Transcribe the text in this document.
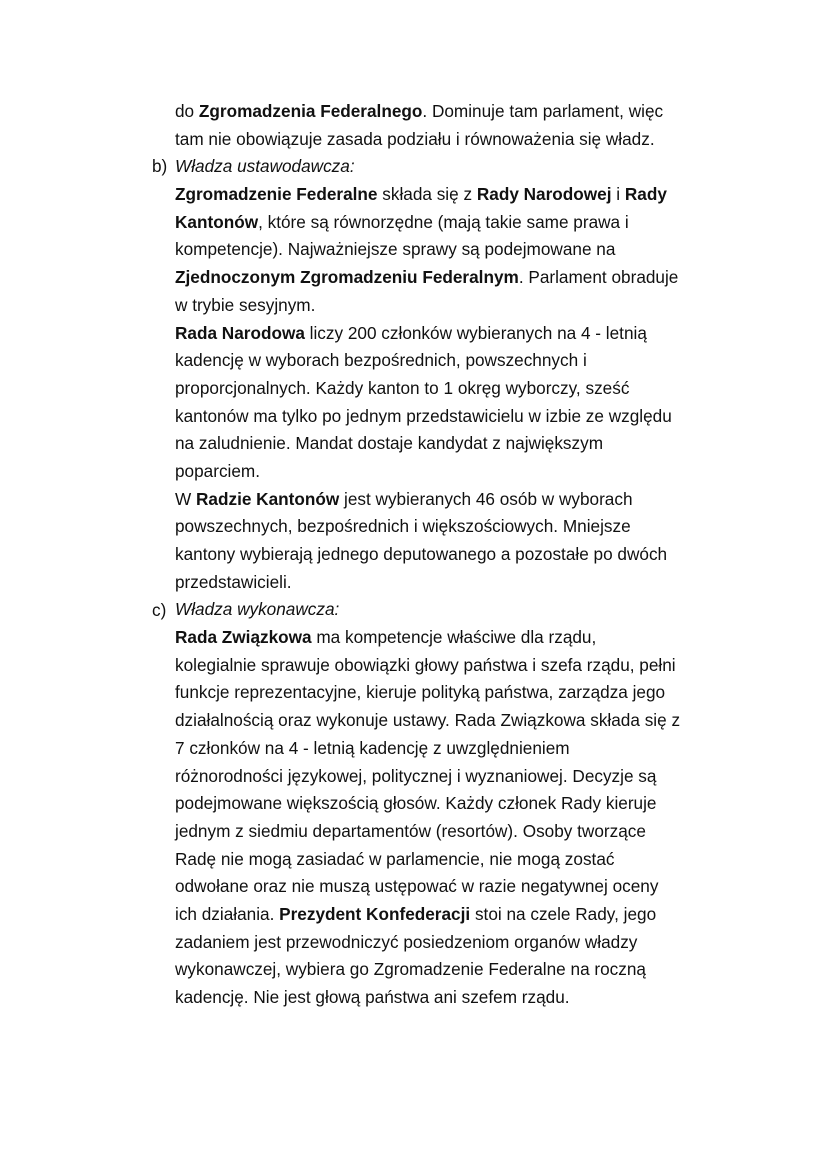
do Zgromadzenia Federalnego. Dominuje tam parlament, więc
tam nie obowiązuje zasada podziału i równoważenia się władz.
Władza ustawodawcza:
Zgromadzenie Federalne składa się z Rady Narodowej i Rady
Kantonów, które są równorzędne (mają takie same prawa i
kompetencje). Najważniejsze sprawy są podejmowane na
Zjednoczonym Zgromadzeniu Federalnym. Parlament obraduje
w trybie sesyjnym.
Rada Narodowa liczy 200 członków wybieranych na 4 - letnią
kadencję w wyborach bezpośrednich, powszechnych i
proporcjonalnych. Każdy kanton to 1 okręg wyborczy, sześć
kantonów ma tylko po jednym przedstawicielu w izbie ze względu
na zaludnienie. Mandat dostaje kandydat z największym
poparciem.
W Radzie Kantonów jest wybieranych 46 osób w wyborach
powszechnych, bezpośrednich i większościowych. Mniejsze
kantony wybierają jednego deputowanego a pozostałe po dwóch
przedstawicieli.
Władza wykonawcza:
Rada Związkowa ma kompetencje właściwe dla rządu,
kolegialnie sprawuje obowiązki głowy państwa i szefa rządu, pełni
funkcje reprezentacyjne, kieruje polityką państwa, zarządza jego
działalnością oraz wykonuje ustawy. Rada Związkowa składa się z
7 członków na 4 - letnią kadencję z uwzględnieniem
różnorodności językowej, politycznej i wyznaniowej. Decyzje są
podejmowane większością głosów. Każdy członek Rady kieruje
jednym z siedmiu departamentów (resortów). Osoby tworzące
Radę nie mogą zasiadać w parlamencie, nie mogą zostać
odwołane oraz nie muszą ustępować w razie negatywnej oceny
ich działania. Prezydent Konfederacji stoi na czele Rady, jego
zadaniem jest przewodniczyć posiedzeniom organów władzy
wykonawczej, wybiera go Zgromadzenie Federalne na roczną
kadencję. Nie jest głową państwa ani szefem rządu.
b)
c)
